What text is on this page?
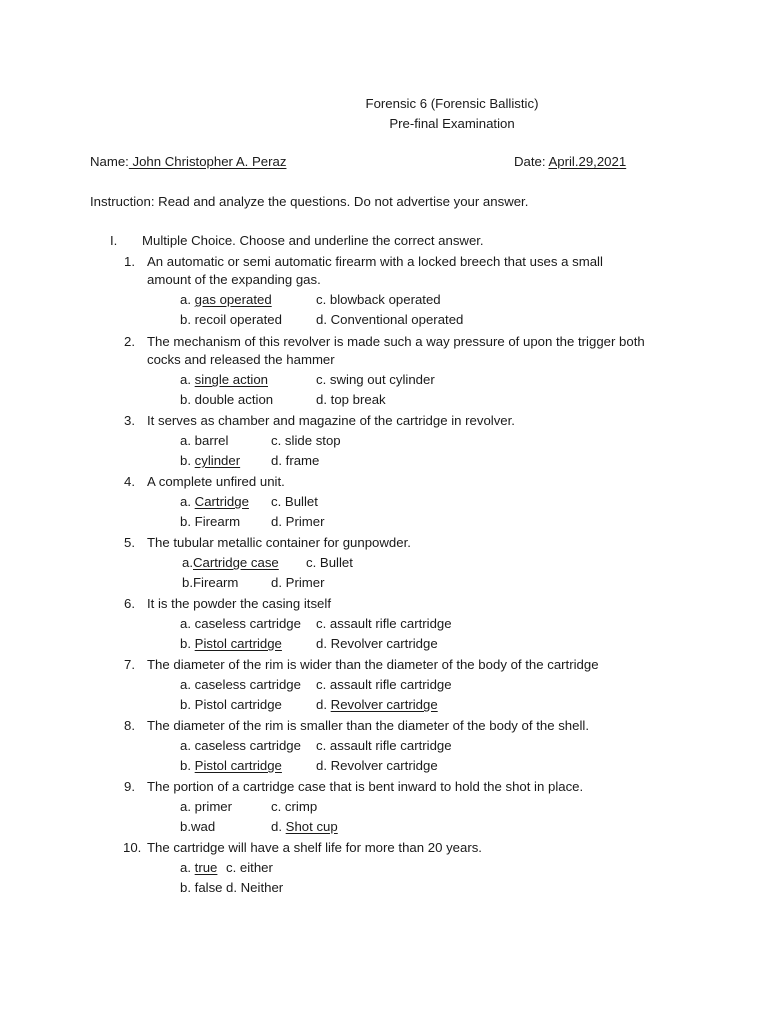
Forensic 6 (Forensic Ballistic)
Pre-final Examination
Name: John Christopher A. Peraz	Date: April.29,2021
Instruction: Read and analyze the questions. Do not advertise your answer.
I. Multiple Choice. Choose and underline the correct answer.
1. An automatic or semi automatic firearm with a locked breech that uses a small
amount of the expanding gas.
a. gas operated	c. blowback operated
b. recoil operated	d. Conventional operated
2. The mechanism of this revolver is made such a way pressure of upon the trigger both
cocks and released the hammer
a. single action	c. swing out cylinder
b. double action	d. top break
3. It serves as chamber and magazine of the cartridge in revolver.
a. barrel	c. slide stop
b. cylinder d. frame
4. A complete unfired unit.
a. Cartridge c. Bullet
b. Firearm d. Primer
5. The tubular metallic container for gunpowder.
a.Cartridge case c. Bullet
b.Firearm d. Primer
6. It is the powder the casing itself
a. caseless cartridge c. assault rifle cartridge
b. Pistol cartridge	d. Revolver cartridge
7. The diameter of the rim is wider than the diameter of the body of the cartridge
a. caseless cartridge c. assault rifle cartridge
b. Pistol cartridge	d. Revolver cartridge
8. The diameter of the rim is smaller than the diameter of the body of the shell.
a. caseless cartridge c. assault rifle cartridge
b. Pistol cartridge	d. Revolver cartridge
9. The portion of a cartridge case that is bent inward to hold the shot in place.
a. primer	c. crimp
b.wad	d. Shot cup
10. The cartridge will have a shelf life for more than 20 years.
a. true c. either
b. false d. Neither
